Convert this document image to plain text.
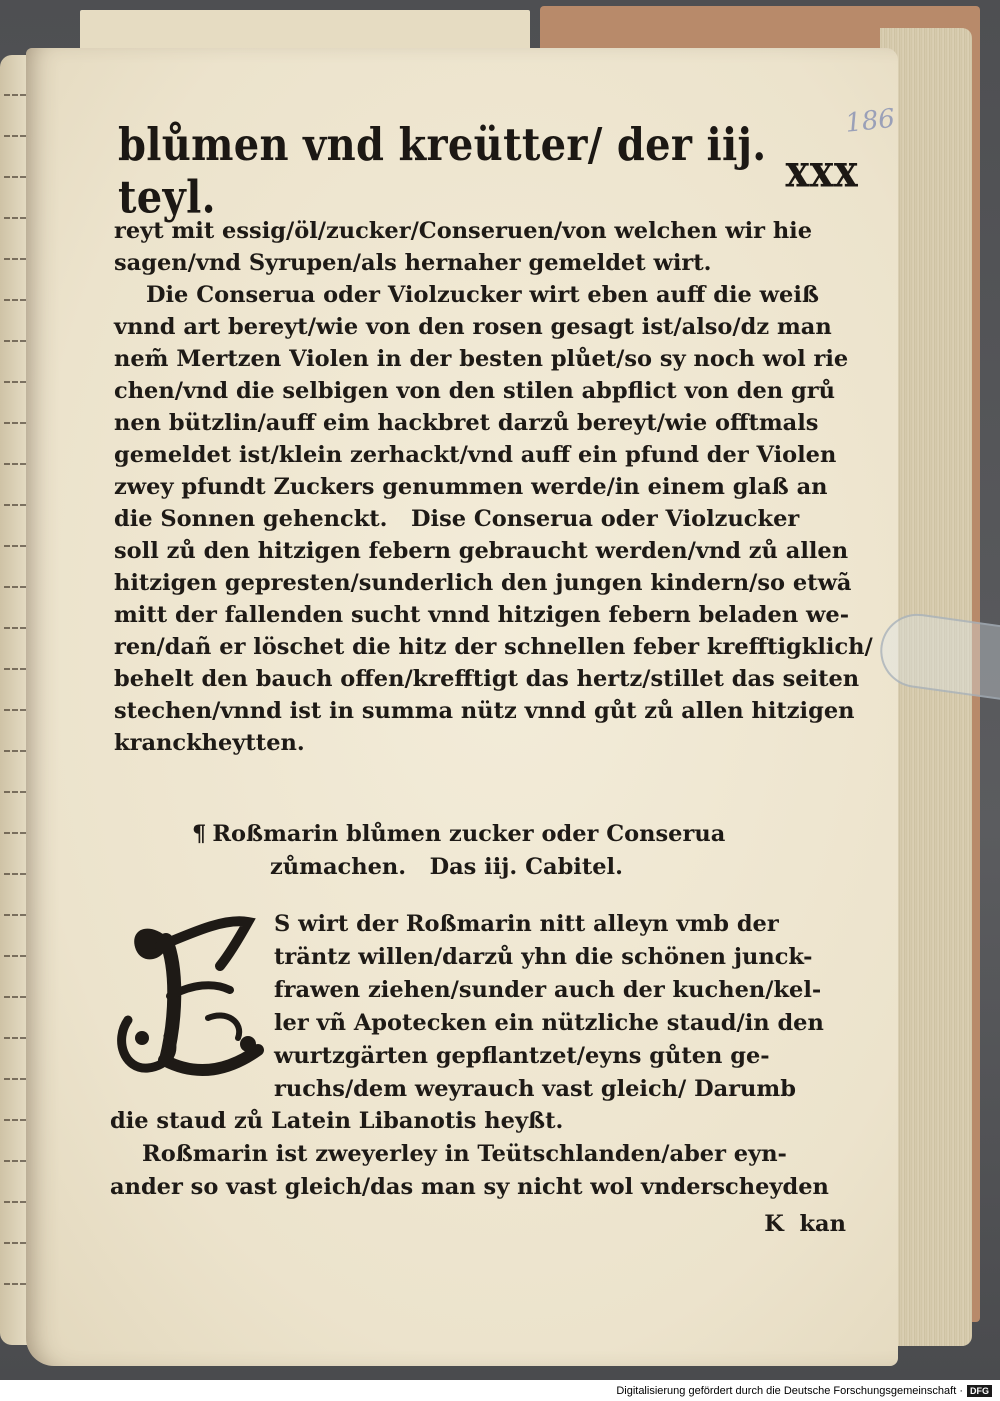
186
blůmen vnd kreütter/ der iij. teyl.	xxx

reyt mit essig/öl/zucker/Conseruen/von welchen wir hie

sagen/vnd Syrupen/als hernaher gemeldet wirt.

Die Conserua oder Violzucker wirt eben auff die weiß

vnnd art bereyt/wie von den rosen gesagt ist/also/dz man

nem̃ Mertzen Violen in der besten plůet/so sy noch wol rie

chen/vnd die selbigen von den stilen abpflict von den grů

nen bützlin/auff eim hackbret darzů bereyt/wie offtmals

gemeldet ist/klein zerhackt/vnd auff ein pfund der Violen

zwey pfundt Zuckers genummen werde/in einem glaß an

die Sonnen gehenckt.   Dise Conserua oder Violzucker

soll zů den hitzigen febern gebraucht werden/vnd zů allen

hitzigen gepresten/sunderlich den jungen kindern/so etwã

mitt der fallenden sucht vnnd hitzigen febern beladen we-

ren/dañ er löschet die hitz der schnellen feber krefftigklich/

behelt den bauch offen/krefftigt das hertz/stillet das seiten

stechen/vnnd ist in summa nütz vnnd gůt zů allen hitzigen

kranckheytten.

¶ Roßmarin blůmen zucker oder Conserua

zůmachen.   Das iij. Cabitel.

S wirt der Roßmarin nitt alleyn vmb der

träntz willen/darzů yhn die schönen junck-

frawen ziehen/sunder auch der kuchen/kel-

ler vñ Apotecken ein nützliche staud/in den

wurtzgärten gepflantzet/eyns gůten ge-

ruchs/dem weyrauch vast gleich/ Darumb

die staud zů Latein Libanotis heyßt.

Roßmarin ist zweyerley in Teütschlanden/aber eyn-

ander so vast gleich/das man sy nicht wol vnderscheyden

K  kan

Digitalisierung gefördert durch die Deutsche Forschungsgemeinschaft · DFG
